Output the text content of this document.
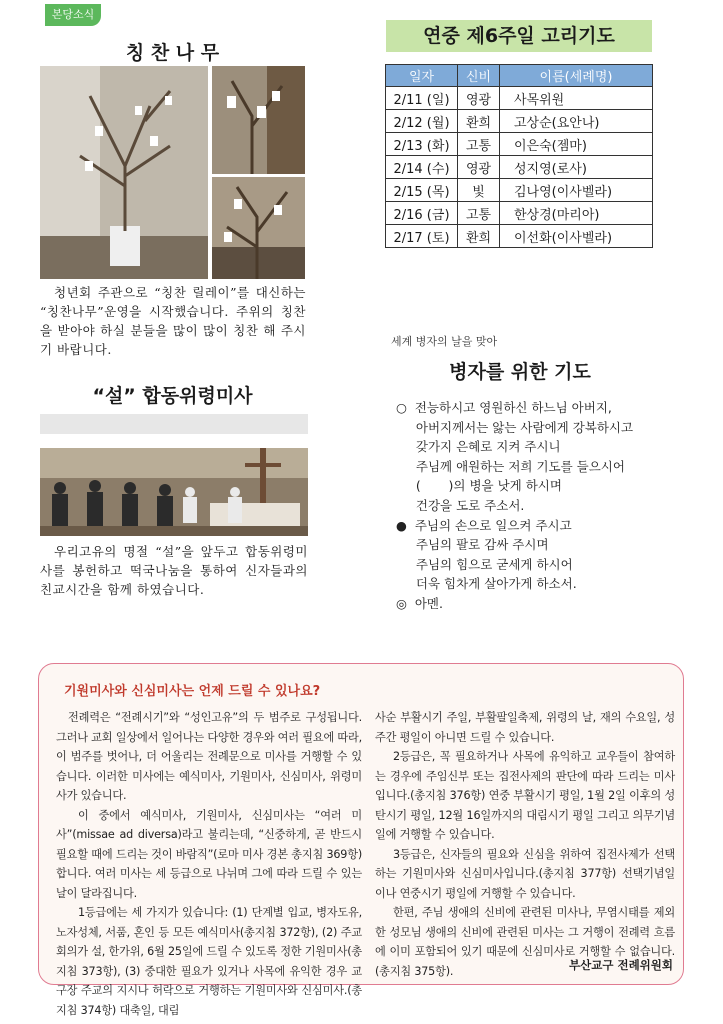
본당소식
칭 찬 나 무
청년회 주관으로 “칭찬 릴레이”를 대신하는 “칭찬나무”운영을 시작했습니다. 주위의 칭찬을 받아야 하실 분들을 많이 많이 칭찬 해 주시기 바랍니다.
“설” 합동위령미사
우리고유의 명절 “설”을 앞두고 합동위령미사를 봉헌하고 떡국나눔을 통하여 신자들과의 친교시간을 함께 하였습니다.
연중 제6주일 고리기도
일자	신비	이름(세례명)
2/11 (일)	영광	사목위원
2/12 (월)	환희	고상순(요안나)
2/13 (화)	고통	이은숙(젬마)
2/14 (수)	영광	성지영(로사)
2/15 (목)	빛	김나영(이사벨라)
2/16 (금)	고통	한상경(마리아)
2/17 (토)	환희	이선화(이사벨라)
세계 병자의 날을 맞아
병자를 위한 기도
○  전능하시고 영원하신 하느님 아버지,
아버지께서는 앓는 사람에게 강복하시고
갖가지 은혜로 지켜 주시니
주님께 애원하는 저희 기도를 들으시어
(       )의 병을 낫게 하시며
건강을 도로 주소서.
●  주님의 손으로 일으켜 주시고
주님의 팔로 감싸 주시며
주님의 힘으로 굳세게 하시어
더욱 힘차게 살아가게 하소서.
◎  아멘.
기원미사와 신심미사는 언제 드릴 수 있나요?

전례력은 “전례시기”와 “성인고유”의 두 범주로 구성됩니다. 그러나 교회 일상에서 일어나는 다양한 경우와 여러 필요에 따라, 이 범주를 벗어나, 더 어울리는 전례문으로 미사를 거행할 수 있습니다. 이러한 미사에는 예식미사, 기원미사, 신심미사, 위령미사가 있습니다.

이 중에서 예식미사, 기원미사, 신심미사는 “여러 미사”(missae ad diversa)라고 불리는데, “신중하게, 곧 반드시 필요할 때에 드리는 것이 바람직”(로마 미사 경본 총지침 369항)합니다. 여러 미사는 세 등급으로 나뉘며 그에 따라 드릴 수 있는 날이 달라집니다.

1등급에는 세 가지가 있습니다: (1) 단계별 입교, 병자도유, 노자성체, 서품, 혼인 등 모든 예식미사(총지침 372항), (2) 주교회의가 설, 한가위, 6월 25일에 드릴 수 있도록 정한 기원미사(총지침 373항), (3) 중대한 필요가 있거나 사목에 유익한 경우 교구장 주교의 지시나 허락으로 거행하는 기원미사와 신심미사.(총지침 374항) 대축일, 대림

사순 부활시기 주일, 부활팔일축제, 위령의 날, 재의 수요일, 성주간 평일이 아니면 드릴 수 있습니다.

2등급은, 꼭 필요하거나 사목에 유익하고 교우들이 참여하는 경우에 주임신부 또는 집전사제의 판단에 따라 드리는 미사입니다.(총지침 376항) 연중 부활시기 평일, 1월 2일 이후의 성탄시기 평일, 12월 16일까지의 대림시기 평일 그리고 의무기념일에 거행할 수 있습니다.

3등급은, 신자들의 필요와 신심을 위하여 집전사제가 선택하는 기원미사와 신심미사입니다.(총지침 377항) 선택기념일이나 연중시기 평일에 거행할 수 있습니다.

한편, 주님 생애의 신비에 관련된 미사나, 무염시태를 제외한 성모님 생애의 신비에 관련된 미사는 그 거행이 전례력 흐름에 이미 포함되어 있기 때문에 신심미사로 거행할 수 없습니다.(총지침 375항).	부산교구 전례위원회
